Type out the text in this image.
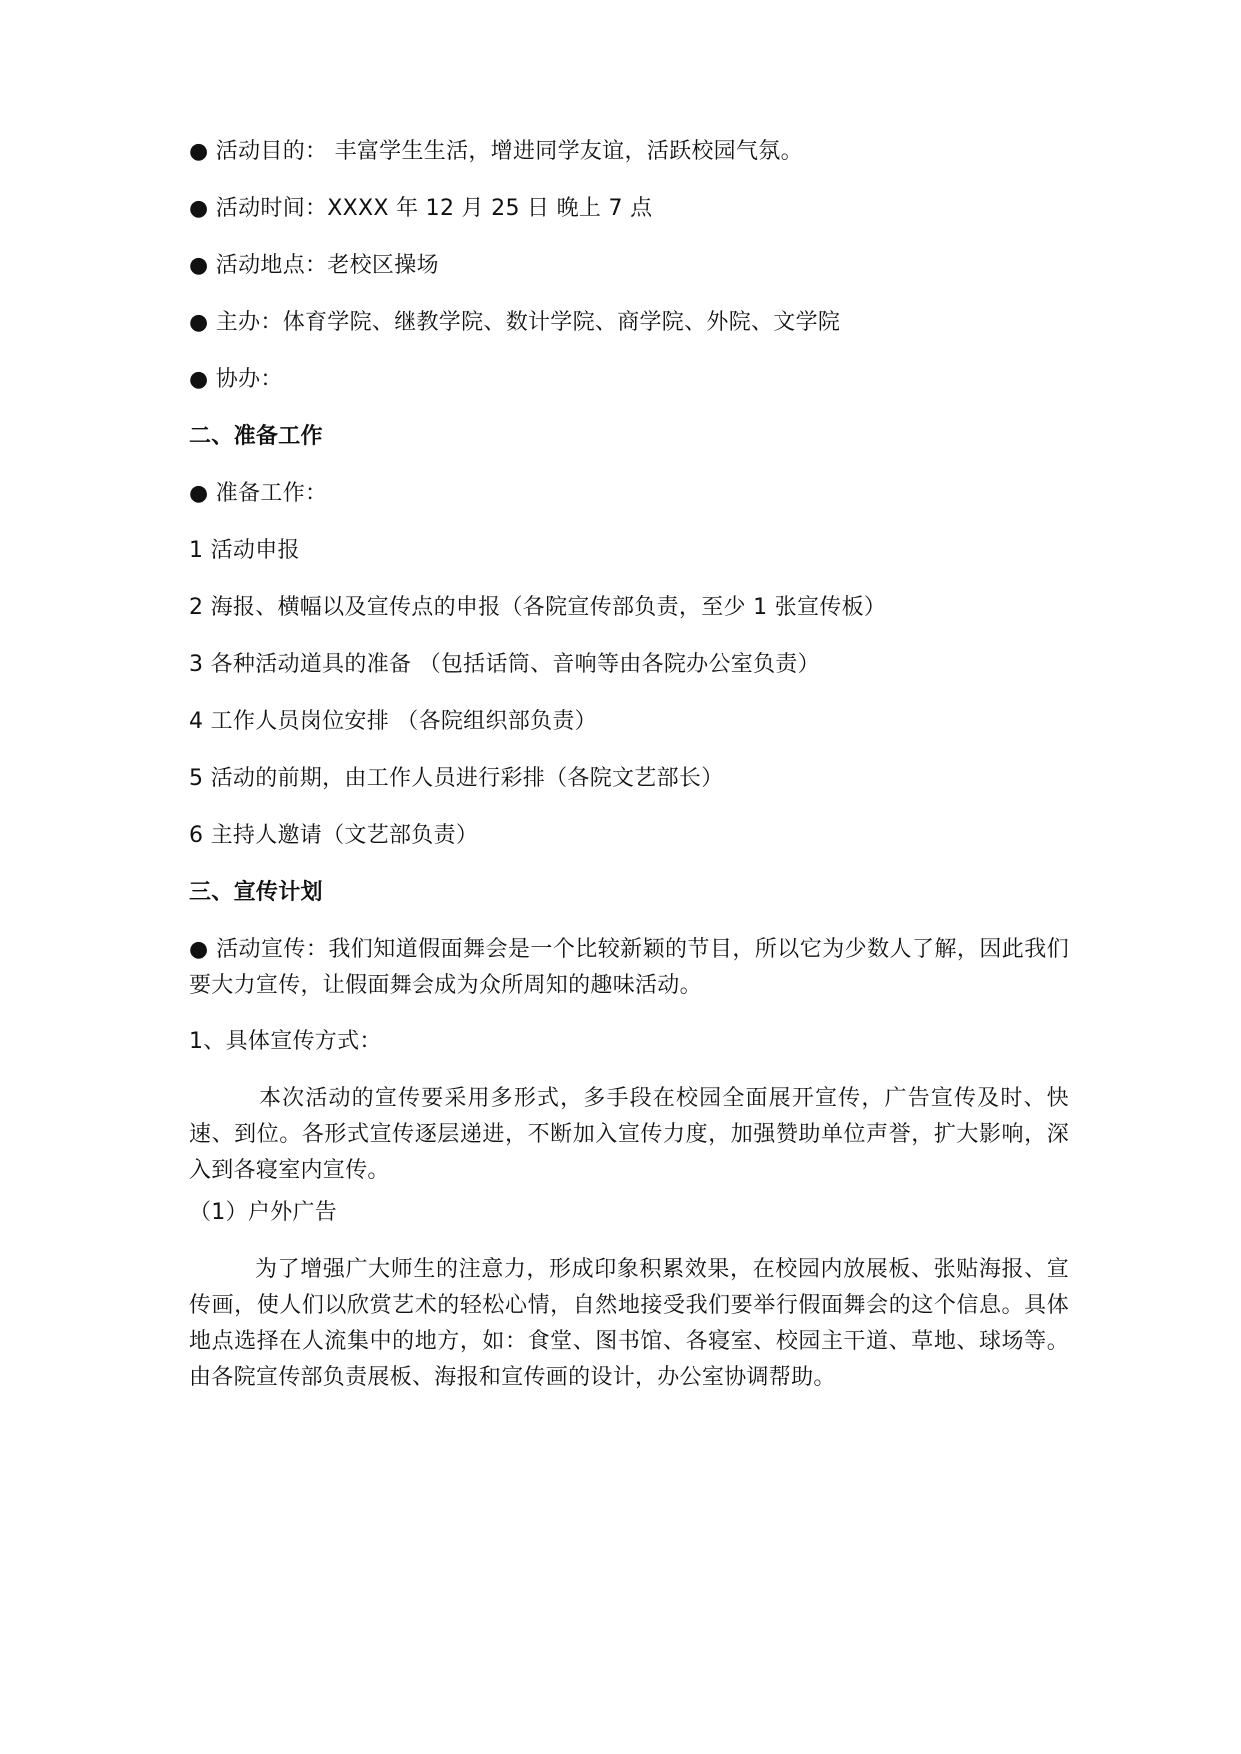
● 活动目的： 丰富学生生活，增进同学友谊，活跃校园气氛。
● 活动时间：XXXX 年 12 月 25 日 晚上 7 点
● 活动地点：老校区操场
● 主办：体育学院、继教学院、数计学院、商学院、外院、文学院
● 协办：
二、准备工作
● 准备工作：
1 活动申报
2 海报、横幅以及宣传点的申报（各院宣传部负责，至少 1 张宣传板）
3 各种活动道具的准备 （包括话筒、音响等由各院办公室负责）
4 工作人员岗位安排 （各院组织部负责）
5 活动的前期，由工作人员进行彩排（各院文艺部长）
6 主持人邀请（文艺部负责）
三、宣传计划
● 活动宣传：我们知道假面舞会是一个比较新颖的节目，所以它为少数人了解，因此我们要大力宣传，让假面舞会成为众所周知的趣味活动。
1、具体宣传方式：
本次活动的宣传要采用多形式，多手段在校园全面展开宣传，广告宣传及时、快速、到位。各形式宣传逐层递进，不断加入宣传力度，加强赞助单位声誉，扩大影响，深入到各寝室内宣传。
（1）户外广告
为了增强广大师生的注意力，形成印象积累效果，在校园内放展板、张贴海报、宣传画，使人们以欣赏艺术的轻松心情，自然地接受我们要举行假面舞会的这个信息。具体地点选择在人流集中的地方，如：食堂、图书馆、各寝室、校园主干道、草地、球场等。由各院宣传部负责展板、海报和宣传画的设计，办公室协调帮助。
